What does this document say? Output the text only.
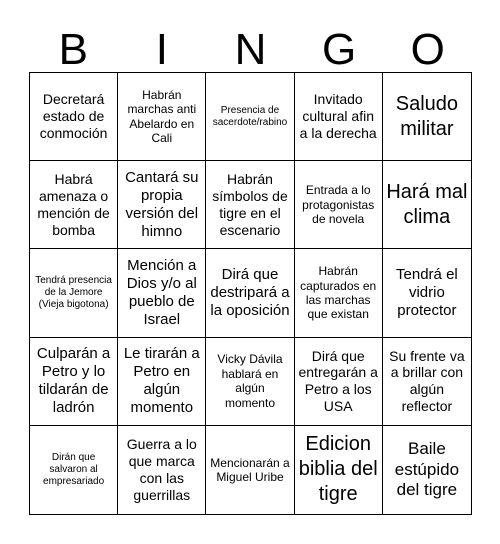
B	I	N	G	O
Decretará estado de conmoción
Habrán marchas anti Abelardo en Cali
Presencia de sacerdote/rabino
Invitado cultural afin a la derecha
Saludo militar
Habrá amenaza o mención de bomba
Cantará su propia versión del himno
Habrán símbolos de tigre en el escenario
Entrada a lo protagonistas de novela
Hará mal clima
Tendrá presencia de la Jemore (Vieja bigotona)
Mención a Dios y/o al pueblo de Israel
Dirá que destripará a la oposición
Habrán capturados en las marchas que existan
Tendrá el vidrio protector
Culparán a Petro y lo tildarán de ladrón
Le tirarán a Petro en algún momento
Vicky Dávila hablará en algún momento
Dirá que entregarán a Petro a los USA
Su frente va a brillar con algún reflector
Dirán que salvaron al empresariado
Guerra a lo que marca con las guerrillas
Mencionarán a Miguel Uribe
Edicion biblia del tigre
Baile estúpido del tigre
